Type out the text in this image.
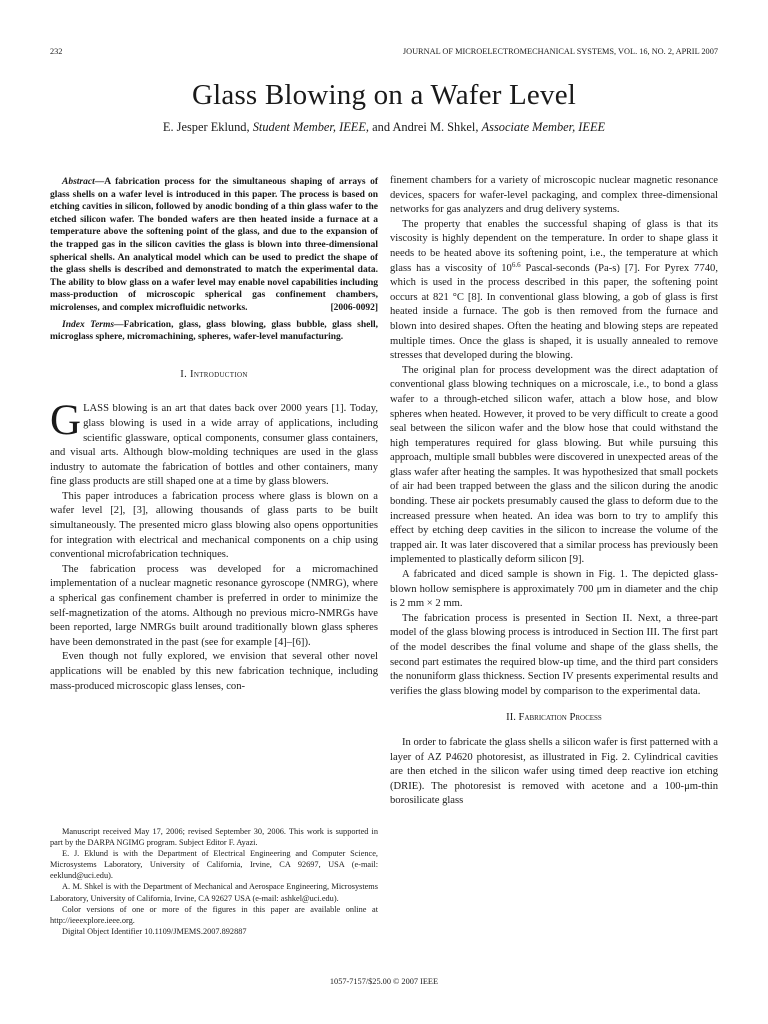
232	JOURNAL OF MICROELECTROMECHANICAL SYSTEMS, VOL. 16, NO. 2, APRIL 2007
Glass Blowing on a Wafer Level
E. Jesper Eklund, Student Member, IEEE, and Andrei M. Shkel, Associate Member, IEEE

Abstract—A fabrication process for the simultaneous shaping of arrays of glass shells on a wafer level is introduced in this paper. The process is based on etching cavities in silicon, followed by anodic bonding of a thin glass wafer to the etched silicon wafer. The bonded wafers are then heated inside a furnace at a temperature above the softening point of the glass, and due to the expansion of the trapped gas in the silicon cavities the glass is blown into three-dimensional spherical shells. An analytical model which can be used to predict the shape of the glass shells is described and demonstrated to match the experimental data. The ability to blow glass on a wafer level may enable novel capabilities including mass-production of microscopic spherical gas confinement chambers, microlenses, and complex microfluidic networks.	[2006-0092]

Index Terms—Fabrication, glass, glass blowing, glass bubble, glass shell, microglass sphere, micromachining, spheres, wafer-level manufacturing.

I. Introduction

GLASS blowing is an art that dates back over 2000 years [1]. Today, glass blowing is used in a wide array of applications, including scientific glassware, optical components, consumer glass containers, and visual arts. Although blow-molding techniques are used in the glass industry to automate the fabrication of bottles and other containers, many fine glass products are still shaped one at a time by glass blowers.

This paper introduces a fabrication process where glass is blown on a wafer level [2], [3], allowing thousands of glass parts to be built simultaneously. The presented micro glass blowing also opens opportunities for integration with electrical and mechanical components on a chip using conventional microfabrication techniques.

The fabrication process was developed for a micromachined implementation of a nuclear magnetic resonance gyroscope (NMRG), where a spherical gas confinement chamber is preferred in order to minimize the self-magnetization of the atoms. Although no previous micro-NMRGs have been reported, large NMRGs built around traditionally blown glass spheres have been demonstrated in the past (see for example [4]–[6]).

Even though not fully explored, we envision that several other novel applications will be enabled by this new fabrication technique, including mass-produced microscopic glass lenses, con-

Manuscript received May 17, 2006; revised September 30, 2006. This work is supported in part by the DARPA NGIMG program. Subject Editor F. Ayazi.

E. J. Eklund is with the Department of Electrical Engineering and Computer Science, Microsystems Laboratory, University of California, Irvine, CA 92697, USA (e-mail: eeklund@uci.edu).

A. M. Shkel is with the Department of Mechanical and Aerospace Engineering, Microsystems Laboratory, University of California, Irvine, CA 92627 USA (e-mail: ashkel@uci.edu).

Color versions of one or more of the figures in this paper are available online at http://ieeexplore.ieee.org.

Digital Object Identifier 10.1109/JMEMS.2007.892887

finement chambers for a variety of microscopic nuclear magnetic resonance devices, spacers for wafer-level packaging, and complex three-dimensional networks for gas analyzers and drug delivery systems.

The property that enables the successful shaping of glass is that its viscosity is highly dependent on the temperature. In order to shape glass it needs to be heated above its softening point, i.e., the temperature at which glass has a viscosity of $10^{6.6}$ Pascal-seconds (Pa-s) [7]. For Pyrex 7740, which is used in the process described in this paper, the softening point occurs at 821 °C [8]. In conventional glass blowing, a gob of glass is first heated inside a furnace. The gob is then removed from the furnace and blown into desired shapes. Often the heating and blowing steps are repeated multiple times. Once the glass is shaped, it is usually annealed to remove stresses that developed during the blowing.

The original plan for process development was the direct adaptation of conventional glass blowing techniques on a microscale, i.e., to bond a glass wafer to a through-etched silicon wafer, attach a blow hose, and blow spheres when heated. However, it proved to be very difficult to create a good seal between the silicon wafer and the blow hose that could withstand the high temperatures required for glass blowing. But while pursuing this approach, multiple small bubbles were discovered in unexpected areas of the glass wafer after heating the samples. It was hypothesized that small pockets of air had been trapped between the glass and the silicon during the anodic bonding. These air pockets presumably caused the glass to deform due to the increased pressure when heated. An idea was born to try to amplify this effect by etching deep cavities in the silicon to increase the volume of the trapped air. It was later discovered that a similar process has previously been implemented to plastically deform silicon [9].

A fabricated and diced sample is shown in Fig. 1. The depicted glass-blown hollow semisphere is approximately 700 μm in diameter and the chip is 2 mm × 2 mm.

The fabrication process is presented in Section II. Next, a three-part model of the glass blowing process is introduced in Section III. The first part of the model describes the final volume and shape of the glass shells, the second part estimates the required blow-up time, and the third part considers the nonuniform glass thickness. Section IV presents experimental results and verifies the glass blowing model by comparison to the experimental data.

II. Fabrication Process

In order to fabricate the glass shells a silicon wafer is first patterned with a layer of AZ P4620 photoresist, as illustrated in Fig. 2. Cylindrical cavities are then etched in the silicon wafer using timed deep reactive ion etching (DRIE). The photoresist is removed with acetone and a 100-μm-thin borosilicate glass

1057-7157/$25.00 © 2007 IEEE
